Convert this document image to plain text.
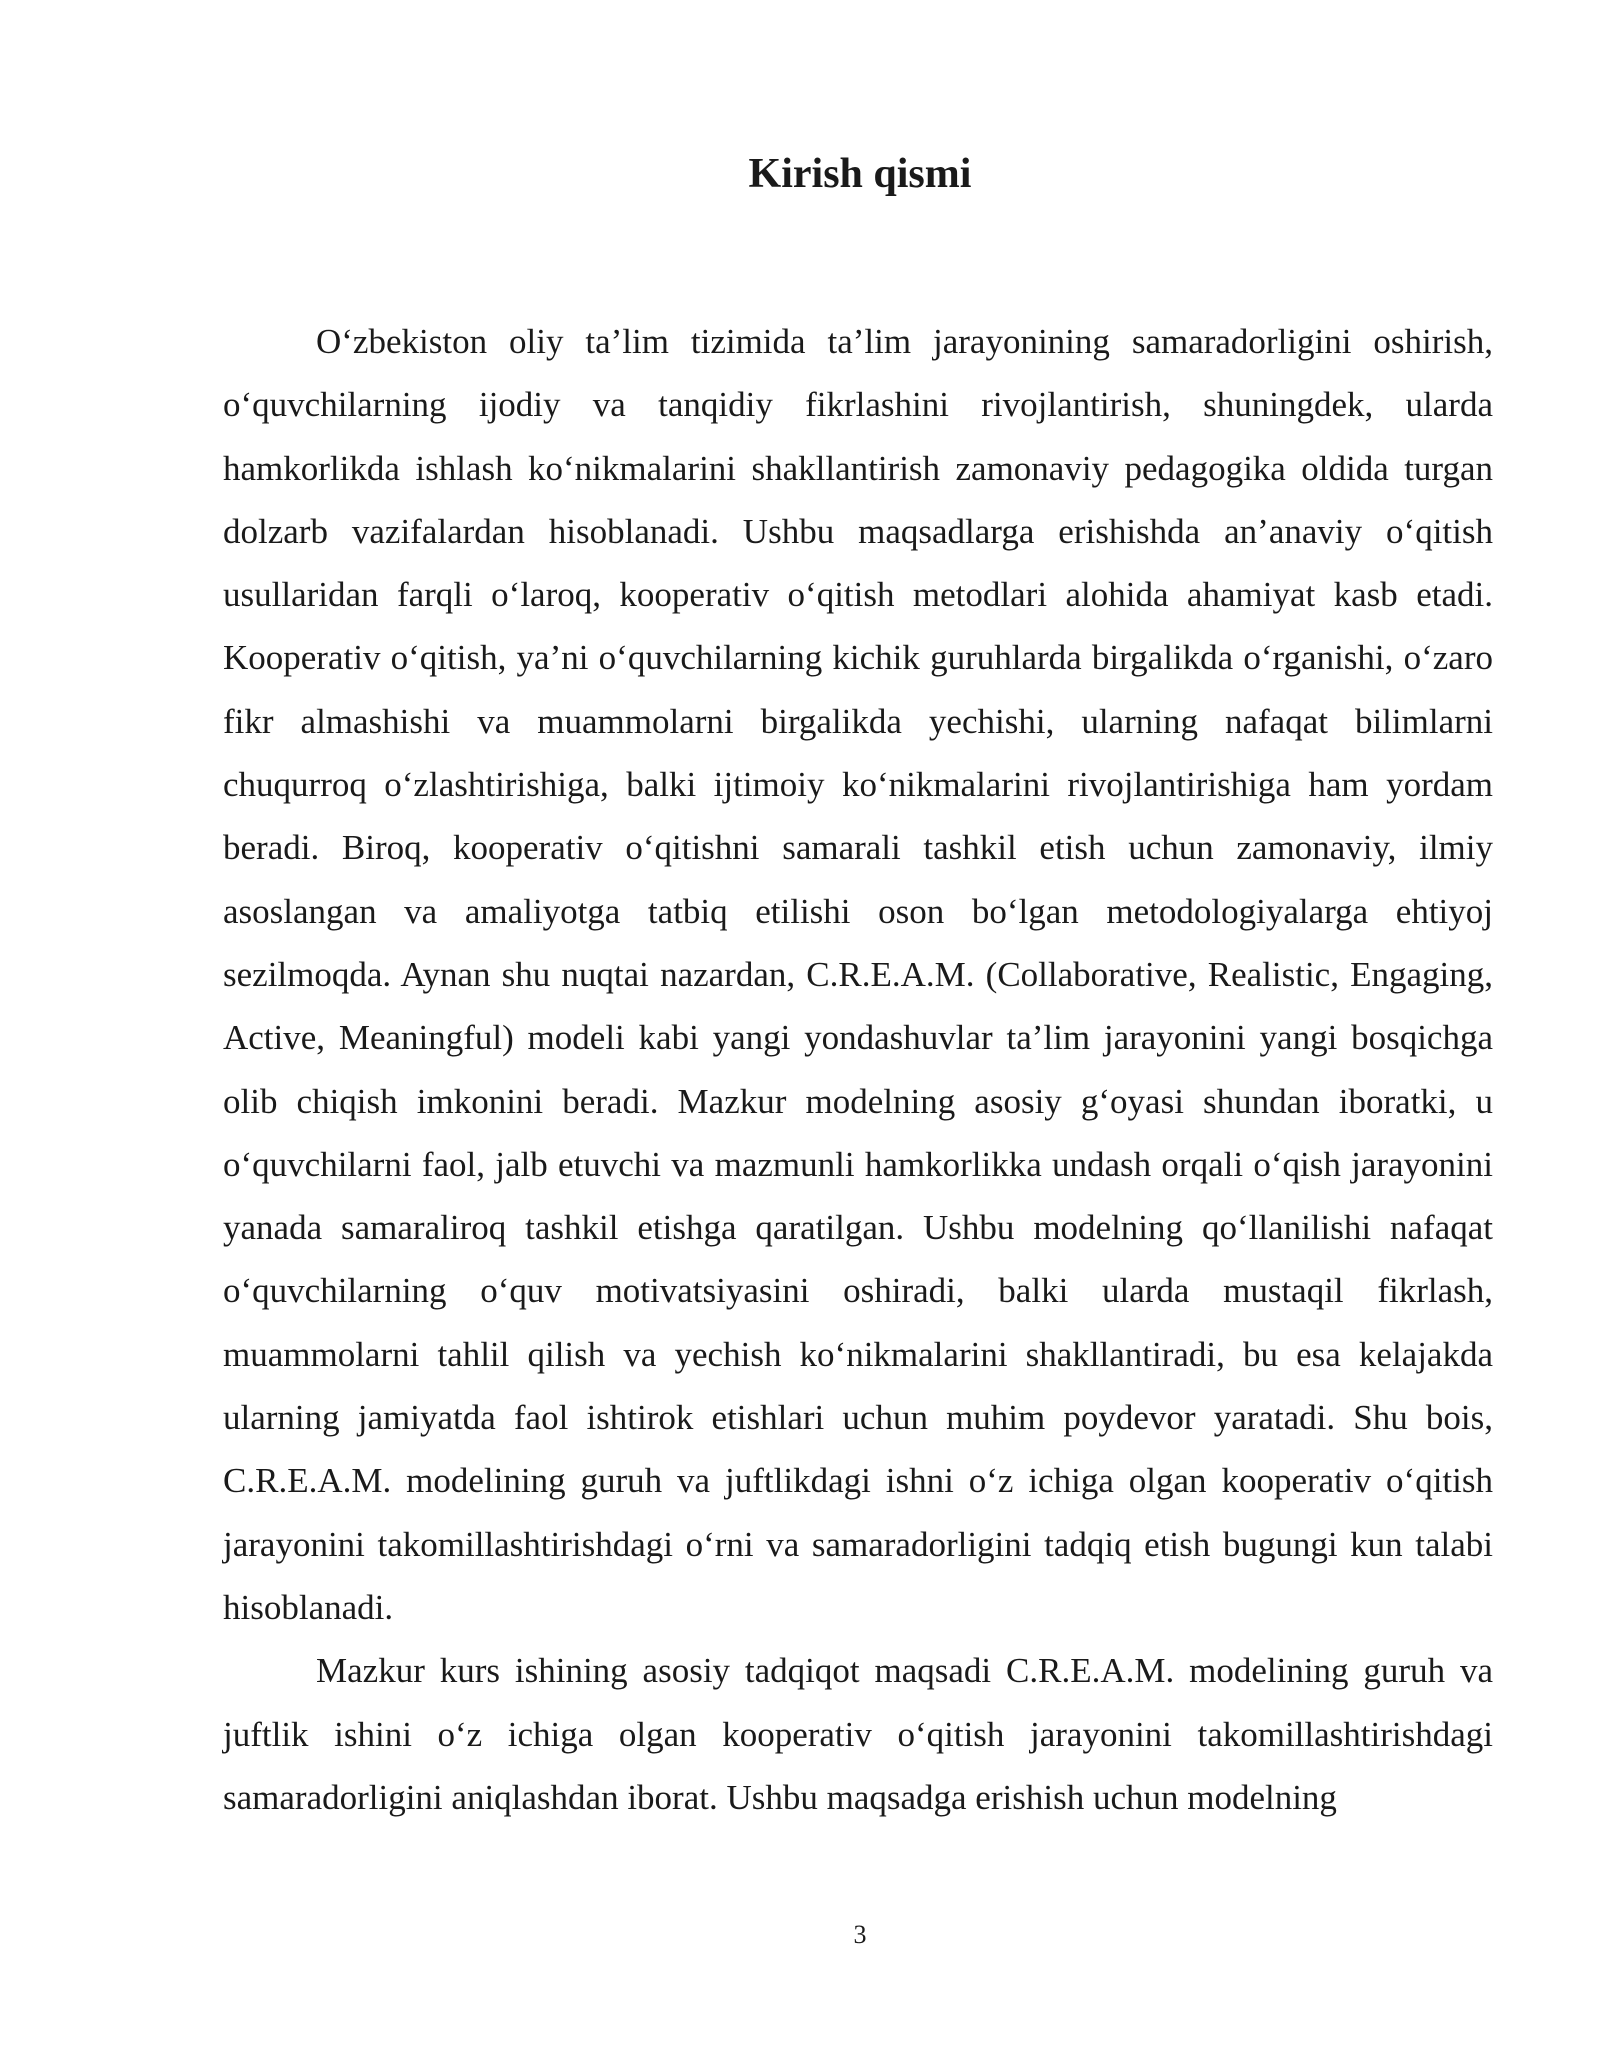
Kirish qismi

O‘zbekiston oliy ta’lim tizimida ta’lim jarayonining samaradorligini oshirish, o‘quvchilarning ijodiy va tanqidiy fikrlashini rivojlantirish, shuningdek, ularda hamkorlikda ishlash ko‘nikmalarini shakllantirish zamonaviy pedagogika oldida turgan dolzarb vazifalardan hisoblanadi. Ushbu maqsadlarga erishishda an’anaviy o‘qitish usullaridan farqli o‘laroq, kooperativ o‘qitish metodlari alohida ahamiyat kasb etadi. Kooperativ o‘qitish, ya’ni o‘quvchilarning kichik guruhlarda birgalikda o‘rganishi, o‘zaro fikr almashishi va muammolarni birgalikda yechishi, ularning nafaqat bilimlarni chuqurroq o‘zlashtirishiga, balki ijtimoiy ko‘nikmalarini rivojlantirishiga ham yordam beradi. Biroq, kooperativ o‘qitishni samarali tashkil etish uchun zamonaviy, ilmiy asoslangan va amaliyotga tatbiq etilishi oson bo‘lgan metodologiyalarga ehtiyoj sezilmoqda. Aynan shu nuqtai nazardan, C.R.E.A.M. (Collaborative, Realistic, Engaging, Active, Meaningful) modeli kabi yangi yondashuvlar ta’lim jarayonini yangi bosqichga olib chiqish imkonini beradi. Mazkur modelning asosiy g‘oyasi shundan iboratki, u o‘quvchilarni faol, jalb etuvchi va mazmunli hamkorlikka undash orqali o‘qish jarayonini yanada samaraliroq tashkil etishga qaratilgan. Ushbu modelning qo‘llanilishi nafaqat o‘quvchilarning o‘quv motivatsiyasini oshiradi, balki ularda mustaqil fikrlash, muammolarni tahlil qilish va yechish ko‘nikmalarini shakllantiradi, bu esa kelajakda ularning jamiyatda faol ishtirok etishlari uchun muhim poydevor yaratadi. Shu bois, C.R.E.A.M. modelining guruh va juftlikdagi ishni o‘z ichiga olgan kooperativ o‘qitish jarayonini takomillashtirishdagi o‘rni va samaradorligini tadqiq etish bugungi kun talabi hisoblanadi.

Mazkur kurs ishining asosiy tadqiqot maqsadi C.R.E.A.M. modelining guruh va juftlik ishini o‘z ichiga olgan kooperativ o‘qitish jarayonini takomillashtirishdagi samaradorligini aniqlashdan iborat. Ushbu maqsadga erishish uchun modelning

3
